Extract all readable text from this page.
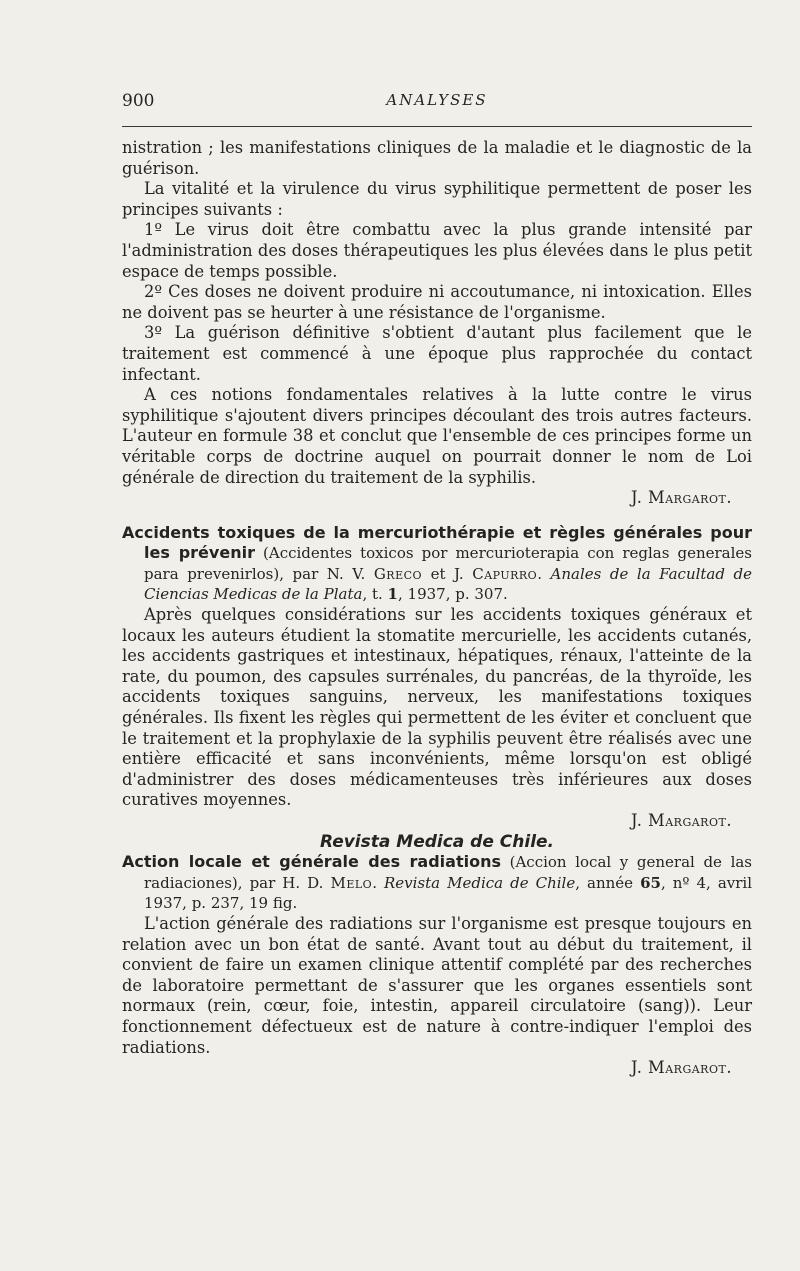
900	ANALYSES

nistration ; les manifestations cliniques de la maladie et le diagnostic de la guérison.

La vitalité et la virulence du virus syphilitique permettent de poser les principes suivants :

1º Le virus doit être combattu avec la plus grande intensité par l'administration des doses thérapeutiques les plus élevées dans le plus petit espace de temps possible.

2º Ces doses ne doivent produire ni accoutumance, ni intoxication. Elles ne doivent pas se heurter à une résistance de l'organisme.

3º La guérison définitive s'obtient d'autant plus facilement que le traitement est commencé à une époque plus rapprochée du contact infectant.

A ces notions fondamentales relatives à la lutte contre le virus syphilitique s'ajoutent divers principes découlant des trois autres facteurs. L'auteur en formule 38 et conclut que l'ensemble de ces principes forme un véritable corps de doctrine auquel on pourrait donner le nom de Loi générale de direction du traitement de la syphilis.
J. Margarot.

Accidents toxiques de la mercuriothérapie et règles générales pour les prévenir (Accidentes toxicos por mercurioterapia con reglas generales para prevenirlos), par N. V. Greco et J. Capurro. Anales de la Facultad de Ciencias Medicas de la Plata, t. 1, 1937, p. 307.

Après quelques considérations sur les accidents toxiques généraux et locaux les auteurs étudient la stomatite mercurielle, les accidents cutanés, les accidents gastriques et intestinaux, hépatiques, rénaux, l'atteinte de la rate, du poumon, des capsules surrénales, du pancréas, de la thyroïde, les accidents toxiques sanguins, nerveux, les manifestations toxiques générales. Ils fixent les règles qui permettent de les éviter et concluent que le traitement et la prophylaxie de la syphilis peuvent être réalisés avec une entière efficacité et sans inconvénients, même lorsqu'on est obligé d'administrer des doses médicamenteuses très inférieures aux doses curatives moyennes.
J. Margarot.

Revista Medica de Chile.

Action locale et générale des radiations (Accion local y general de las radiaciones), par H. D. Melo. Revista Medica de Chile, année 65, nº 4, avril 1937, p. 237, 19 fig.

L'action générale des radiations sur l'organisme est presque toujours en relation avec un bon état de santé. Avant tout au début du traitement, il convient de faire un examen clinique attentif complété par des recherches de laboratoire permettant de s'assurer que les organes essentiels sont normaux (rein, cœur, foie, intestin, appareil circulatoire (sang)). Leur fonctionnement défectueux est de nature à contre-indiquer l'emploi des radiations.
J. Margarot.
